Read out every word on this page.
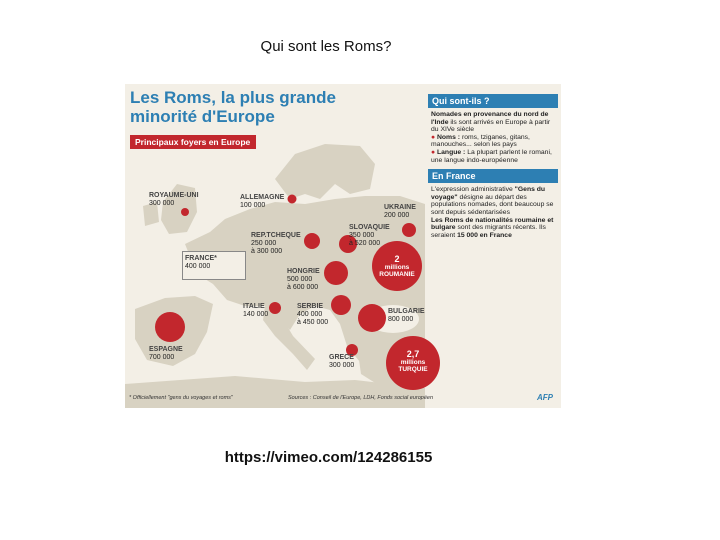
Qui sont les Roms?
Les Roms, la plus grande
minorité d'Europe
Principaux foyers en Europe
ROYAUME-UNI
300 000
ALLEMAGNE
100 000	UKRAINE
200 000
SLOVAQUIE
350 000
à 520 000
REP.TCHEQUE
250 000
à 300 000
FRANCE*
400 000
HONGRIE
500 000
à 600 000
ITALIE
140 000
SERBIE
400 000
à 450 000
BULGARIE
800 000
ESPAGNE
700 000	GRECE
300 000
2
millions
ROUMANIE
2,7
millions
TURQUIE
Qui sont-ils ?
Nomades en provenance du nord de l'Inde ils sont arrivés en Europe à partir du XIVe siècle
● Noms : roms, tziganes, gitans, manouches... selon les pays
● Langue : La plupart parlent le romani, une langue indo-européenne
En France
L'expression administrative "Gens du voyage" désigne au départ des populations nomades, dont beaucoup se sont depuis sédentarisées
Les Roms de nationalités roumaine et bulgare sont des migrants récents. Ils seraient 15 000 en France
* Officiellement "gens du voyages et roms"	Sources : Conseil de l'Europe, LDH, Fonds social européen	AFP
https://vimeo.com/124286155
